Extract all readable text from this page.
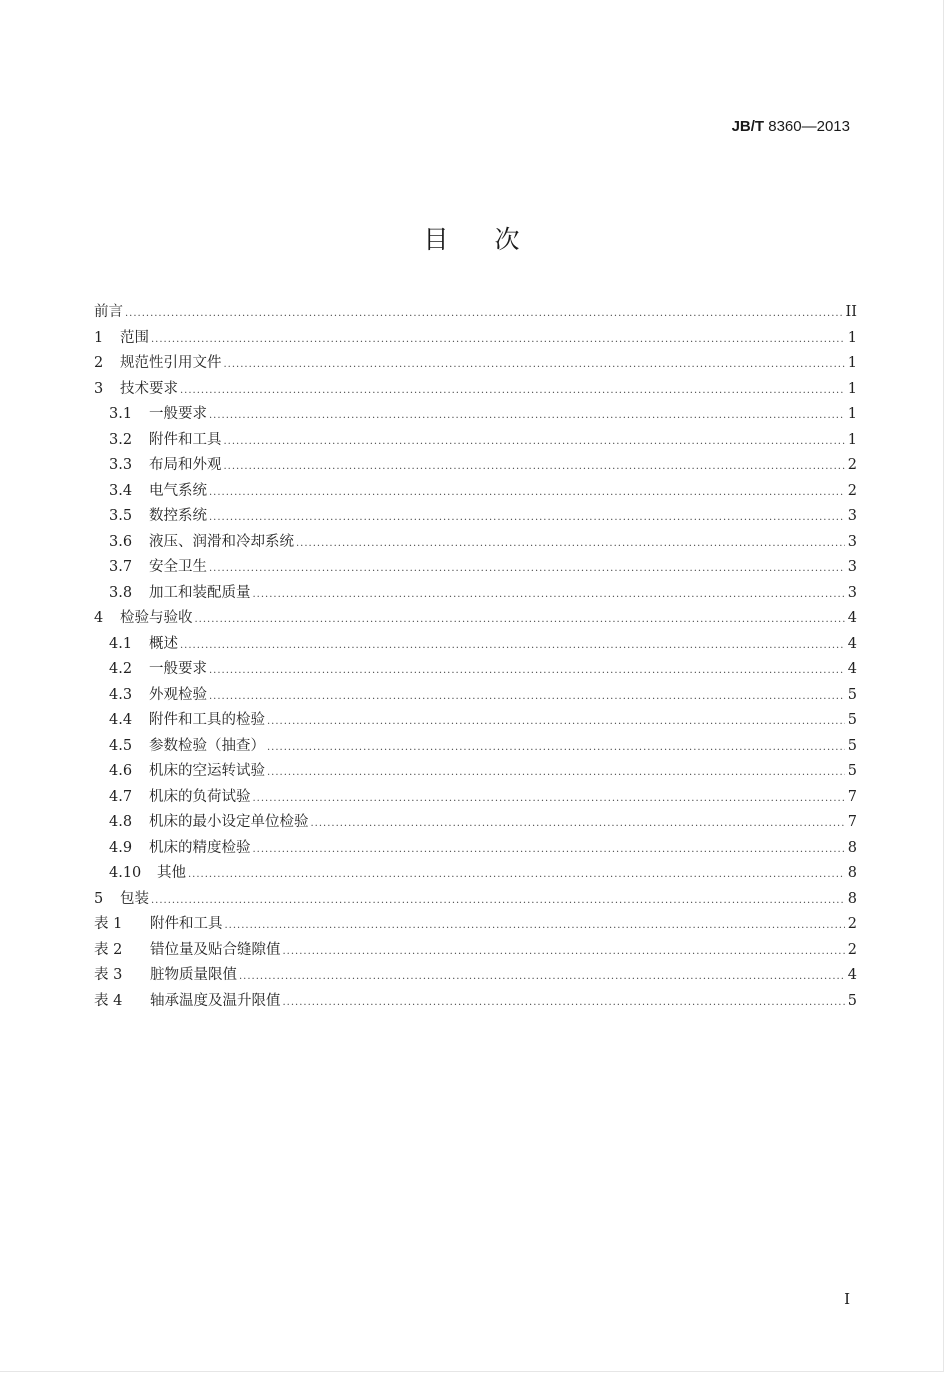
JB/T 8360—2013
目次
前言 .....	II
1	范围 .....	1
2	规范性引用文件 .....	1
3	技术要求 .....	1
3.1	一般要求 .....	1
3.2	附件和工具 .....	1
3.3	布局和外观 .....	2
3.4	电气系统 .....	2
3.5	数控系统 .....	3
3.6	液压、润滑和冷却系统 .....	3
3.7	安全卫生 .....	3
3.8	加工和装配质量 .....	3
4	检验与验收 .....	4
4.1	概述 .....	4
4.2	一般要求 .....	4
4.3	外观检验 .....	5
4.4	附件和工具的检验 .....	5
4.5	参数检验（抽查） .....	5
4.6	机床的空运转试验 .....	5
4.7	机床的负荷试验 .....	7
4.8	机床的最小设定单位检验 .....	7
4.9	机床的精度检验 .....	8
4.10	其他 .....	8
5	包装 .....	8
表 1	附件和工具 .....	2
表 2	错位量及贴合缝隙值 .....	2
表 3	脏物质量限值 .....	4
表 4	轴承温度及温升限值 .....	5
I
